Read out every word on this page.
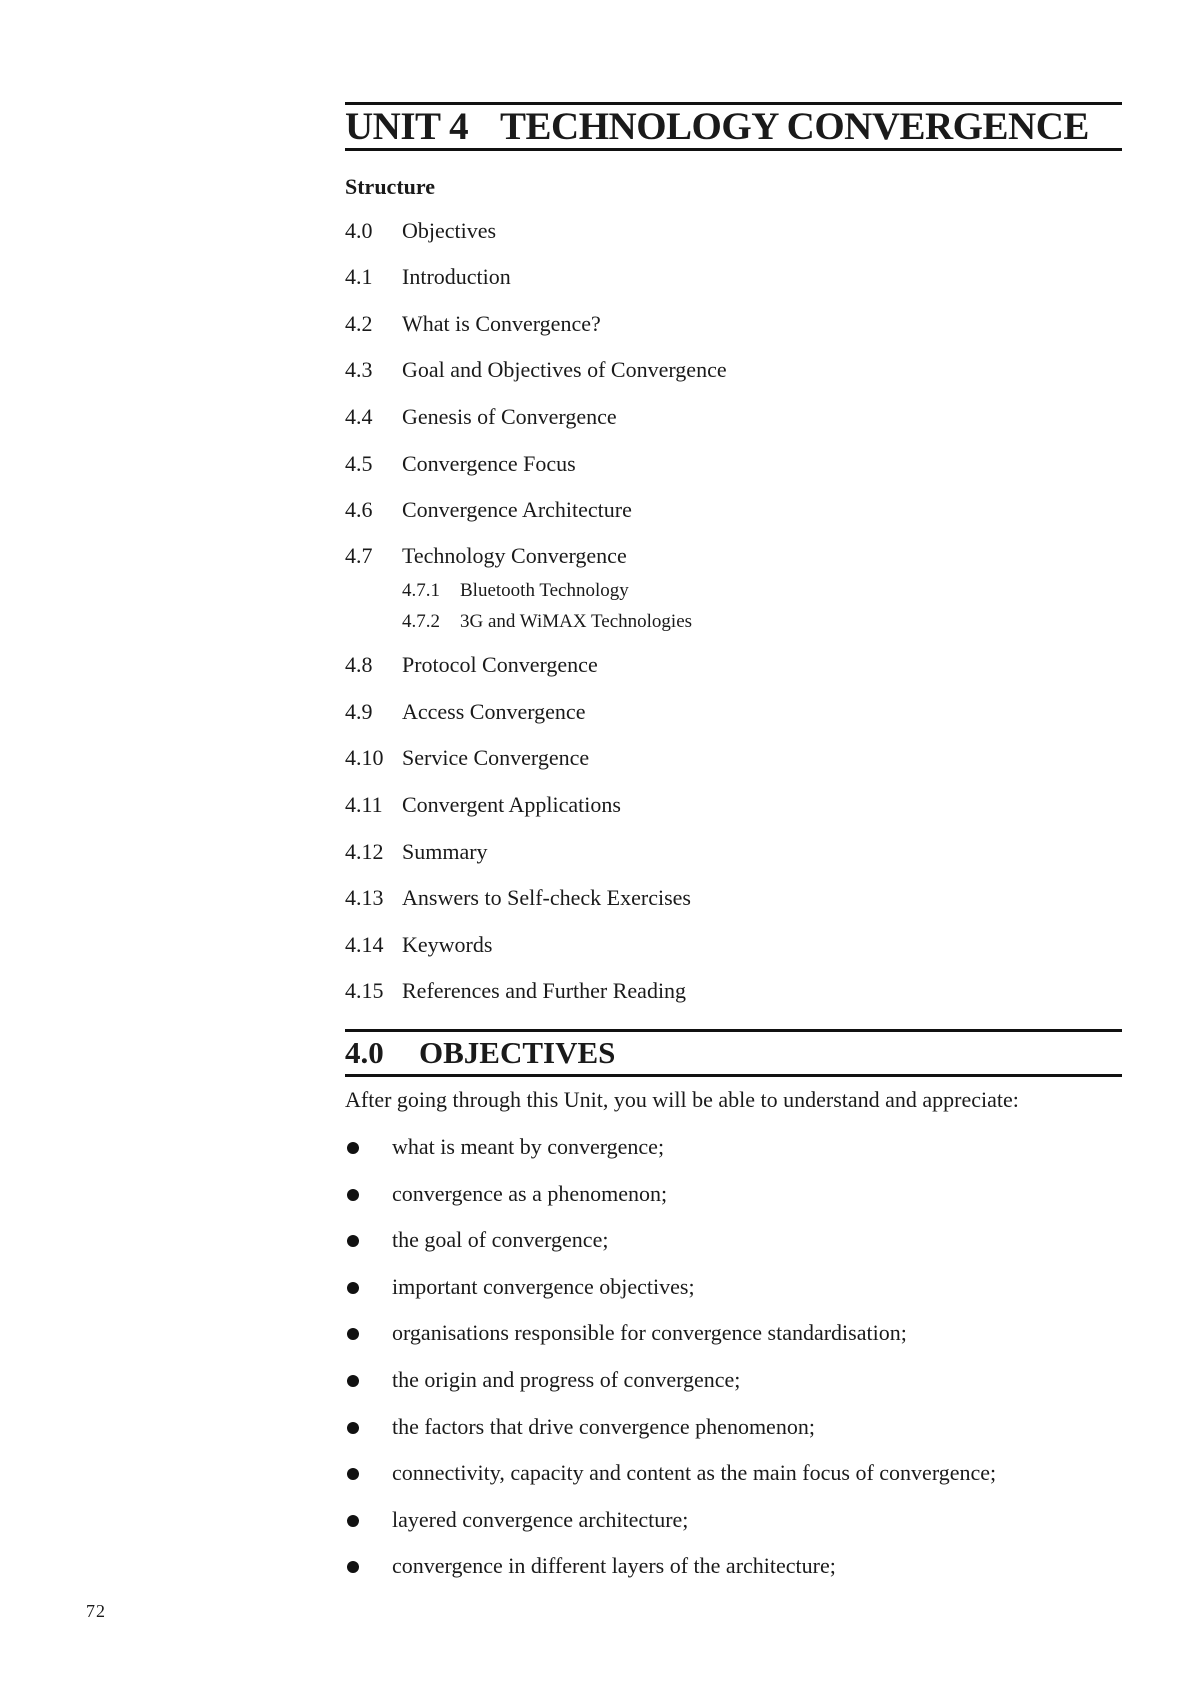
UNIT 4 TECHNOLOGY CONVERGENCE
Structure
4.0	Objectives
4.1	Introduction
4.2	What is Convergence?
4.3	Goal and Objectives of Convergence
4.4	Genesis of Convergence
4.5	Convergence Focus
4.6	Convergence Architecture
4.7	Technology Convergence
4.7.1	Bluetooth Technology
4.7.2	3G and WiMAX Technologies
4.8	Protocol Convergence
4.9	Access Convergence
4.10 Service Convergence
4.11 Convergent Applications
4.12 Summary
4.13 Answers to Self-check Exercises
4.14 Keywords
4.15 References and Further Reading
4.0 OBJECTIVES
After going through this Unit, you will be able to understand and appreciate:
what is meant by convergence;
convergence as a phenomenon;
the goal of convergence;
important convergence objectives;
organisations responsible for convergence standardisation;
the origin and progress of convergence;
the factors that drive convergence phenomenon;
connectivity, capacity and content as the main focus of convergence;
layered convergence architecture;
convergence in different layers of the architecture;
72
